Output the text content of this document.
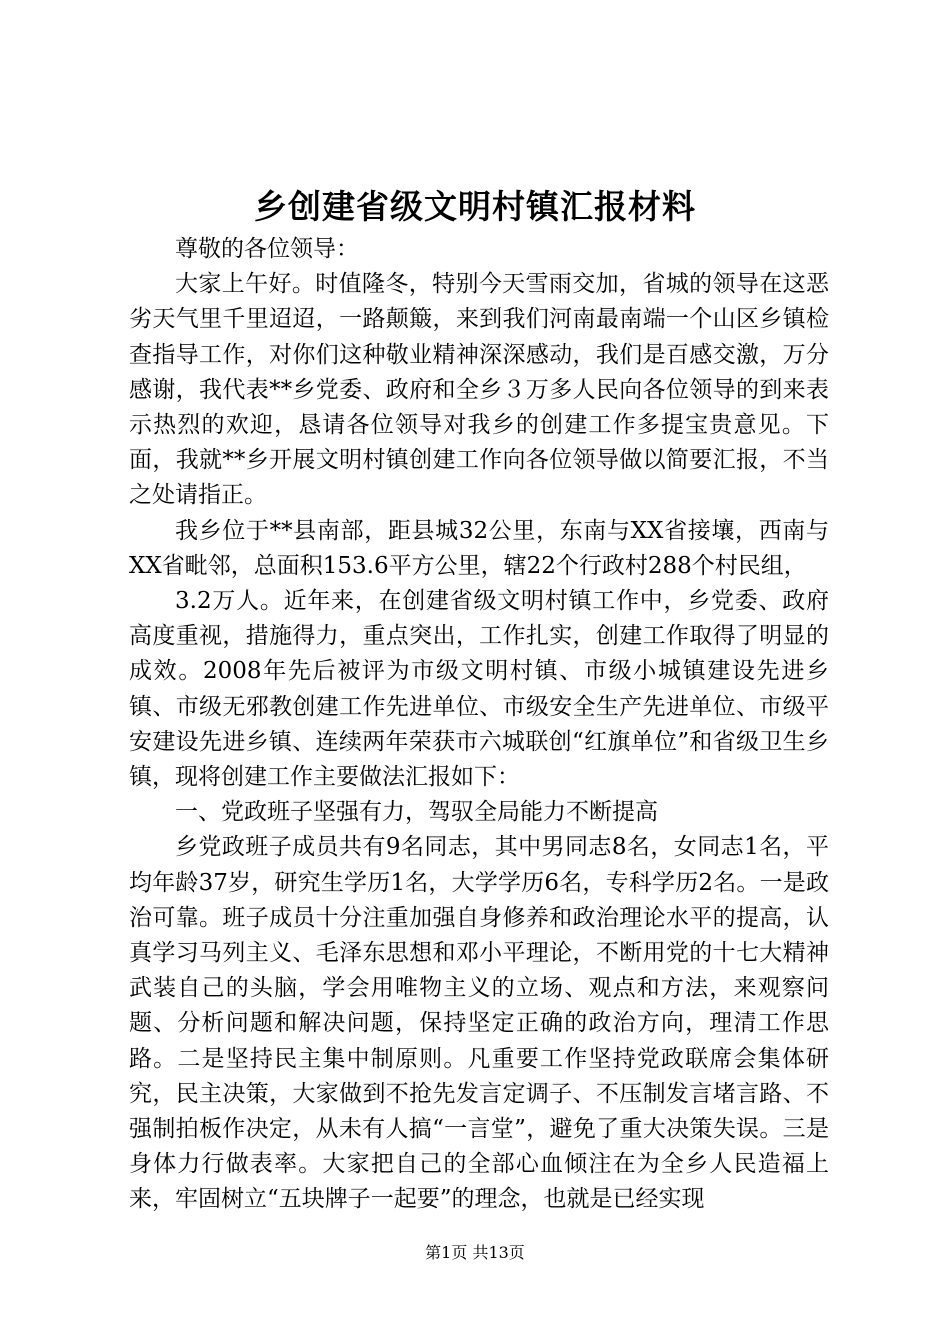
乡创建省级文明村镇汇报材料

尊敬的各位领导：

大家上午好。时值隆冬，特别今天雪雨交加，省城的领导在这恶劣天气里千里迢迢，一路颠簸，来到我们河南最南端一个山区乡镇检查指导工作，对你们这种敬业精神深深感动，我们是百感交激，万分感谢，我代表**乡党委、政府和全乡３万多人民向各位领导的到来表示热烈的欢迎，恳请各位领导对我乡的创建工作多提宝贵意见。下面，我就**乡开展文明村镇创建工作向各位领导做以简要汇报，不当之处请指正。

我乡位于**县南部，距县城32公里，东南与XX省接壤，西南与XX省毗邻，总面积153.6平方公里，辖22个行政村288个村民组，

3.2万人。近年来，在创建省级文明村镇工作中，乡党委、政府高度重视，措施得力，重点突出，工作扎实，创建工作取得了明显的成效。2008年先后被评为市级文明村镇、市级小城镇建设先进乡镇、市级无邪教创建工作先进单位、市级安全生产先进单位、市级平安建设先进乡镇、连续两年荣获市六城联创“红旗单位”和省级卫生乡镇，现将创建工作主要做法汇报如下：

一、党政班子坚强有力，驾驭全局能力不断提高

乡党政班子成员共有9名同志，其中男同志8名，女同志1名，平均年龄37岁，研究生学历1名，大学学历6名，专科学历2名。一是政治可靠。班子成员十分注重加强自身修养和政治理论水平的提高，认真学习马列主义、毛泽东思想和邓小平理论，不断用党的十七大精神武装自己的头脑，学会用唯物主义的立场、观点和方法，来观察问题、分析问题和解决问题，保持坚定正确的政治方向，理清工作思路。二是坚持民主集中制原则。凡重要工作坚持党政联席会集体研究，民主决策，大家做到不抢先发言定调子、不压制发言堵言路、不强制拍板作决定，从未有人搞“一言堂”，避免了重大决策失误。三是身体力行做表率。大家把自己的全部心血倾注在为全乡人民造福上来，牢固树立“五块牌子一起要”的理念，也就是已经实现

第1页 共13页
